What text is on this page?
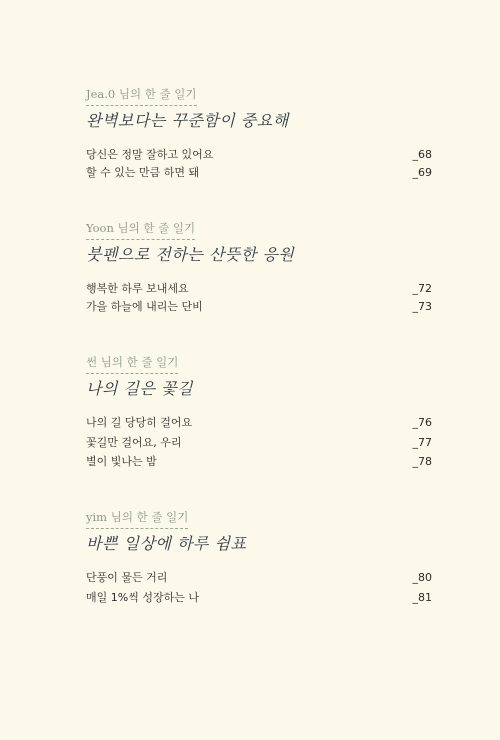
Jea.0 님의 한 줄 일기
완벽보다는 꾸준함이 중요해
당신은 정말 잘하고 있어요	_68
할 수 있는 만큼 하면 돼	_69
Yoon 님의 한 줄 일기
붓펜으로 전하는 산뜻한 응원
행복한 하루 보내세요	_72
가을 하늘에 내리는 단비	_73
썬 님의 한 줄 일기
나의 길은 꽃길
나의 길 당당히 걸어요	_76
꽃길만 걸어요, 우리	_77
별이 빛나는 밤	_78
yim 님의 한 줄 일기
바쁜 일상에 하루 쉼표
단풍이 물든 거리	_80
매일 1%씩 성장하는 나	_81
